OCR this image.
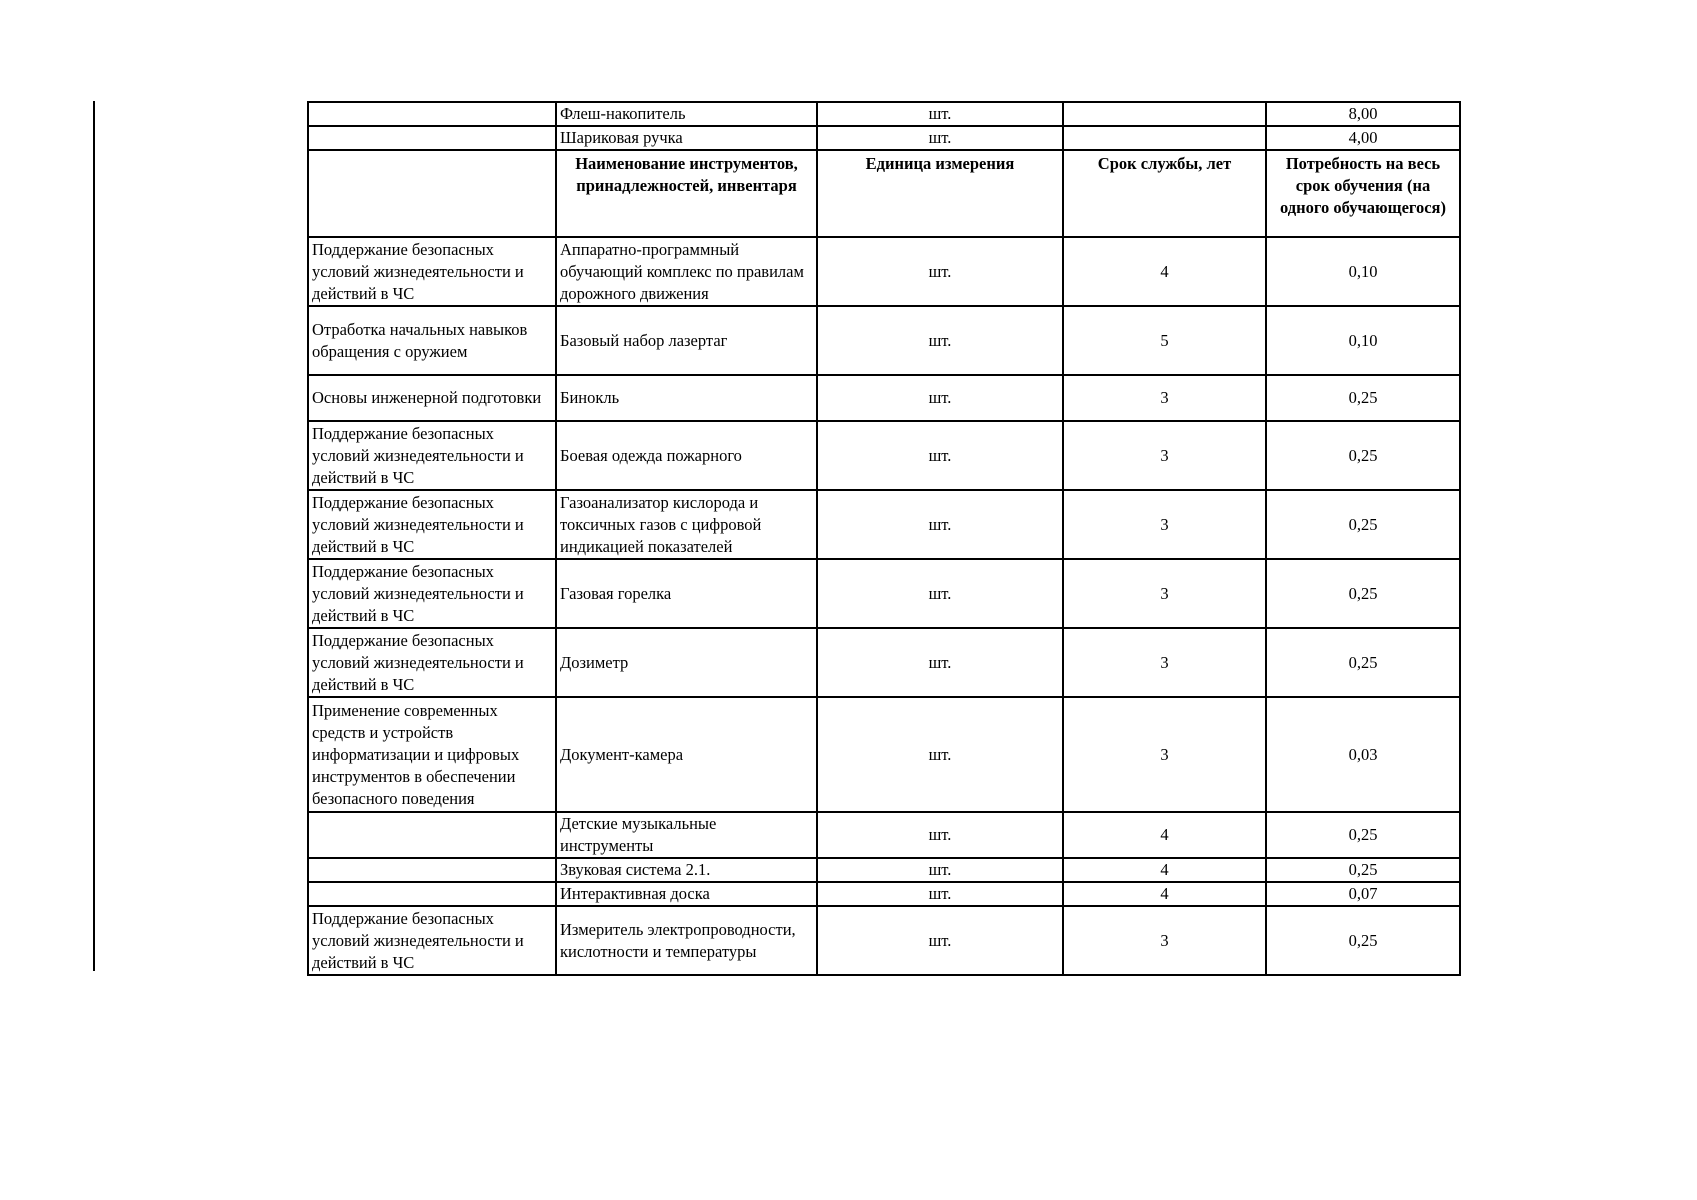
	Флеш-накопитель	шт.		8,00
	Шариковая ручка	шт.		4,00
	Наименование инструментов, принадлежностей, инвентаря	Единица измерения	Срок службы, лет	Потребность на весь срок обучения (на одного обучающегося)
Поддержание безопасных условий жизнедеятельности и действий в ЧС	Аппаратно-программный обучающий комплекс по правилам дорожного движения	шт.	4	0,10
Отработка начальных навыков обращения с оружием	Базовый набор лазертаг	шт.	5	0,10
Основы инженерной подготовки	Бинокль	шт.	3	0,25
Поддержание безопасных условий жизнедеятельности и действий в ЧС	Боевая одежда пожарного	шт.	3	0,25
Поддержание безопасных условий жизнедеятельности и действий в ЧС	Газоанализатор кислорода и токсичных газов с цифровой индикацией показателей	шт.	3	0,25
Поддержание безопасных условий жизнедеятельности и действий в ЧС	Газовая горелка	шт.	3	0,25
Поддержание безопасных условий жизнедеятельности и действий в ЧС	Дозиметр	шт.	3	0,25
Применение современных средств и устройств информатизации и цифровых инструментов в обеспечении безопасного поведения	Документ-камера	шт.	3	0,03
	Детские музыкальные инструменты	шт.	4	0,25
	Звуковая система 2.1.	шт.	4	0,25
	Интерактивная доска	шт.	4	0,07
Поддержание безопасных условий жизнедеятельности и действий в ЧС	Измеритель электропроводности, кислотности и температуры	шт.	3	0,25
